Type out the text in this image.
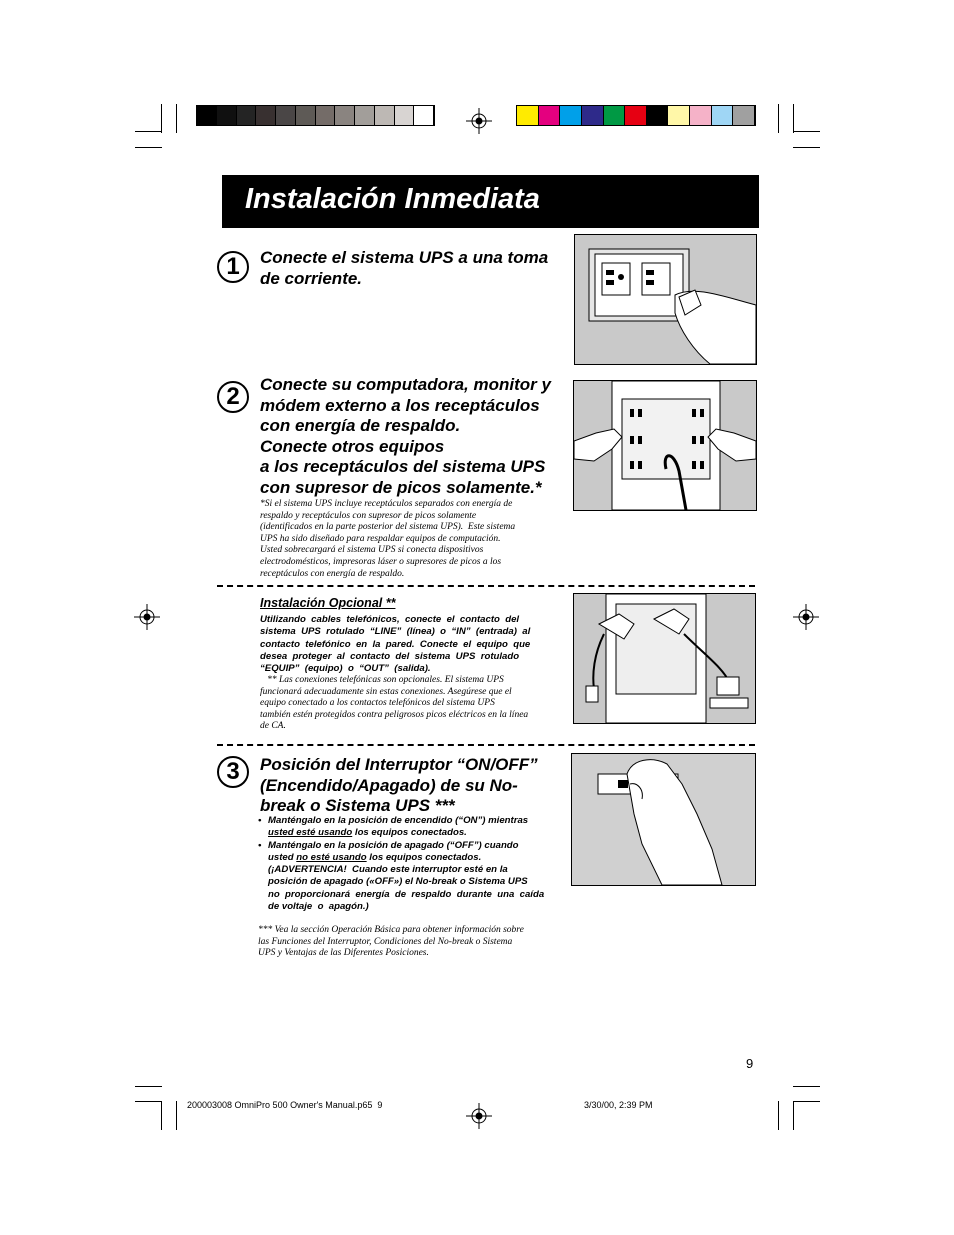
Instalación Inmediata
1	Conecte el sistema UPS a una toma
de corriente.
2	Conecte su computadora, monitor y
módem externo a los receptáculos
con energía de respaldo.
Conecte otros equipos
a los receptáculos del sistema UPS
con supresor de picos solamente.*
*Si el sistema UPS incluye receptáculos separados con energía de
respaldo y receptáculos con supresor de picos solamente
(identificados en la parte posterior del sistema UPS).  Este sistema
UPS ha sido diseñado para respaldar equipos de computación.
Usted sobrecargará el sistema UPS si conecta dispositivos
electrodomésticos, impresoras láser o supresores de picos a los
receptáculos con energía de respaldo.
Instalación Opcional **
Utilizando  cables  telefónicos,  conecte  el  contacto  del
sistema  UPS  rotulado  “LINE”  (línea)  o  “IN”  (entrada)  al
contacto  telefónico  en  la  pared.  Conecte  el  equipo  que
desea  proteger  al  contacto  del  sistema  UPS  rotulado
“EQUIP”  (equipo)  o  “OUT”  (salida).
** Las conexiones telefónicas son opcionales. El sistema UPS
funcionará adecuadamente sin estas conexiones. Asegúrese que el
equipo conectado a los contactos telefónicos del sistema UPS
también estén protegidos contra peligrosos picos eléctricos en la línea
de CA.
3	Posición del Interruptor “ON/OFF”
(Encendido/Apagado) de su No-
break o Sistema UPS ***
• Manténgalo en la posición de encendido (“ON”) mientras
usted esté usando los equipos conectados.
• Manténgalo en la posición de apagado (“OFF”) cuando
usted no esté usando los equipos conectados.
(¡ADVERTENCIA!  Cuando este interruptor esté en la
posición de apagado («OFF») el No-break o Sistema UPS
no  proporcionará  energía  de  respaldo  durante  una  caída
de voltaje  o  apagón.)
*** Vea la sección Operación Básica para obtener información sobre
las Funciones del Interruptor, Condiciones del No-break o Sistema
UPS y Ventajas de las Diferentes Posiciones.
9
200003008 OmniPro 500 Owner's Manual.p65 9	3/30/00, 2:39 PM
